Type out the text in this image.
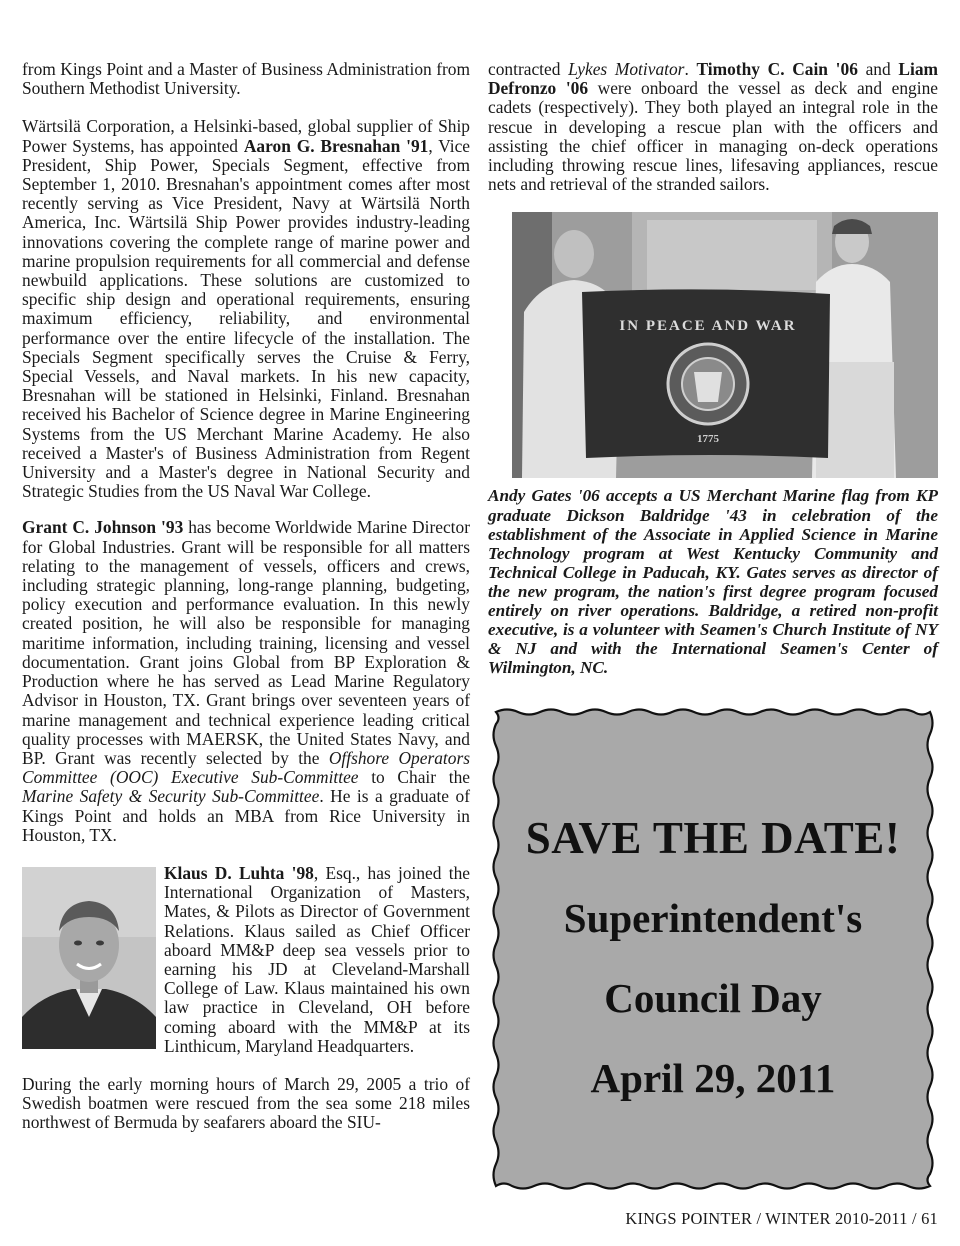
from Kings Point and a Master of Business Administration from Southern Methodist University.

Wärtsilä Corporation, a Helsinki-based, global supplier of Ship Power Systems, has appointed Aaron G. Bresnahan '91, Vice President, Ship Power, Specials Segment, effective from September 1, 2010. Bresnahan's appointment comes after most recently serving as Vice President, Navy at Wärtsilä North America, Inc. Wärtsilä Ship Power provides industry-leading innovations covering the complete range of marine power and marine propulsion requirements for all commercial and defense newbuild applications. These solutions are customized to specific ship design and operational requirements, ensuring maximum efficiency, reliability, and environmental performance over the entire lifecycle of the installation. The Specials Segment specifically serves the Cruise & Ferry, Special Vessels, and Naval markets. In his new capacity, Bresnahan will be stationed in Helsinki, Finland. Bresnahan received his Bachelor of Science degree in Marine Engineering Systems from the US Merchant Marine Academy. He also received a Master's of Business Administration from Regent University and a Master's degree in National Security and Strategic Studies from the US Naval War College.

Grant C. Johnson '93 has become Worldwide Marine Director for Global Industries. Grant will be responsible for all matters relating to the management of vessels, officers and crews, including strategic planning, long-range planning, budgeting, policy execution and performance evaluation. In this newly created position, he will also be responsible for managing maritime information, including training, licensing and vessel documentation. Grant joins Global from BP Exploration & Production where he has served as Lead Marine Regulatory Advisor in Houston, TX. Grant brings over seventeen years of marine management and technical experience leading critical quality processes with MAERSK, the United States Navy, and BP. Grant was recently selected by the Offshore Operators Committee (OOC) Executive Sub-Committee to Chair the Marine Safety & Security Sub-Committee. He is a graduate of Kings Point and holds an MBA from Rice University in Houston, TX.

Klaus D. Luhta '98, Esq., has joined the International Organization of Masters, Mates, & Pilots as Director of Government Relations. Klaus sailed as Chief Officer aboard MM&P deep sea vessels prior to earning his JD at Cleveland-Marshall College of Law. Klaus maintained his own law practice in Cleveland, OH before coming aboard with the MM&P at its Linthicum, Maryland Headquarters.

During the early morning hours of March 29, 2005 a trio of Swedish boatmen were rescued from the sea some 218 miles northwest of Bermuda by seafarers aboard the SIU-

contracted Lykes Motivator. Timothy C. Cain '06 and Liam Defronzo '06 were onboard the vessel as deck and engine cadets (respectively). They both played an integral role in the rescue in developing a rescue plan with the officers and assisting the chief officer in managing on-deck operations including throwing rescue lines, lifesaving appliances, rescue nets and retrieval of the stranded sailors.

IN PEACE AND WAR
1775
Andy Gates '06 accepts a US Merchant Marine flag from KP graduate Dickson Baldridge '43 in celebration of the establishment of the Associate in Applied Science in Marine Technology program at West Kentucky Community and Technical College in Paducah, KY. Gates serves as director of the new program, the nation's first degree program focused entirely on river operations. Baldridge, a retired non-profit executive, is a volunteer with Seamen's Church Institute of NY & NJ and with the International Seamen's Center of Wilmington, NC.
SAVE THE DATE!
Superintendent's
Council Day
April 29, 2011
KINGS POINTER / WINTER 2010-2011 / 61
